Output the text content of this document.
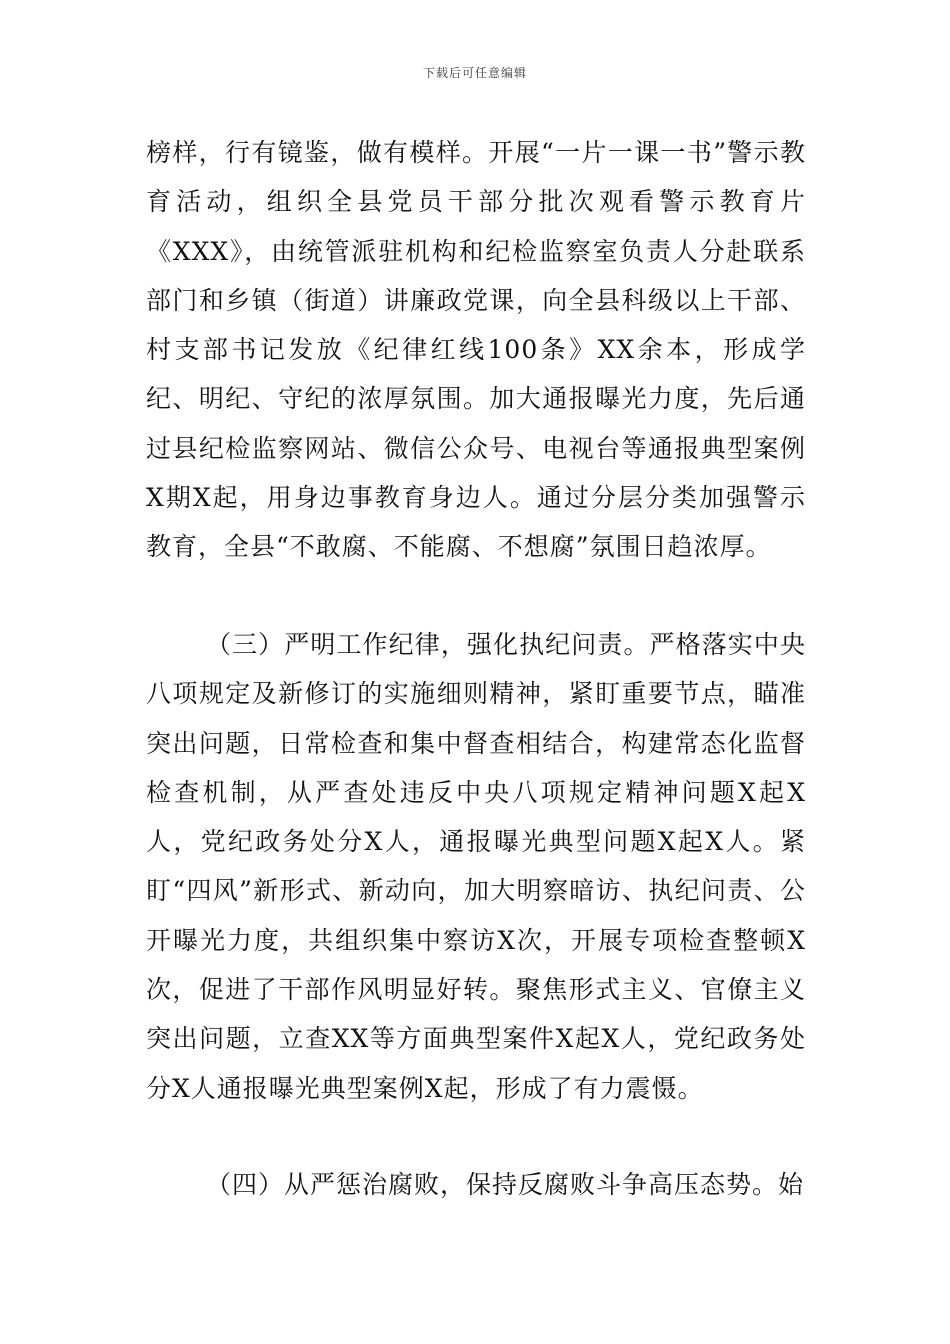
下载后可任意编辑

榜样，行有镜鉴，做有模样。开展“一片一课一书”警示教育活动，组织全县党员干部分批次观看警示教育片《XXX》，由统管派驻机构和纪检监察室负责人分赴联系部门和乡镇（街道）讲廉政党课，向全县科级以上干部、村支部书记发放《纪律红线100条》XX余本，形成学纪、明纪、守纪的浓厚氛围。加大通报曝光力度，先后通过县纪检监察网站、微信公众号、电视台等通报典型案例X期X起，用身边事教育身边人。通过分层分类加强警示教育，全县“不敢腐、不能腐、不想腐”氛围日趋浓厚。

（三）严明工作纪律，强化执纪问责。严格落实中央八项规定及新修订的实施细则精神，紧盯重要节点，瞄准突出问题，日常检查和集中督查相结合，构建常态化监督检查机制，从严查处违反中央八项规定精神问题X起X人，党纪政务处分X人，通报曝光典型问题X起X人。紧盯“四风”新形式、新动向，加大明察暗访、执纪问责、公开曝光力度，共组织集中察访X次，开展专项检查整顿X次，促进了干部作风明显好转。聚焦形式主义、官僚主义突出问题，立查XX等方面典型案件X起X人，党纪政务处分X人通报曝光典型案例X起，形成了有力震慑。

（四）从严惩治腐败，保持反腐败斗争高压态势。始
